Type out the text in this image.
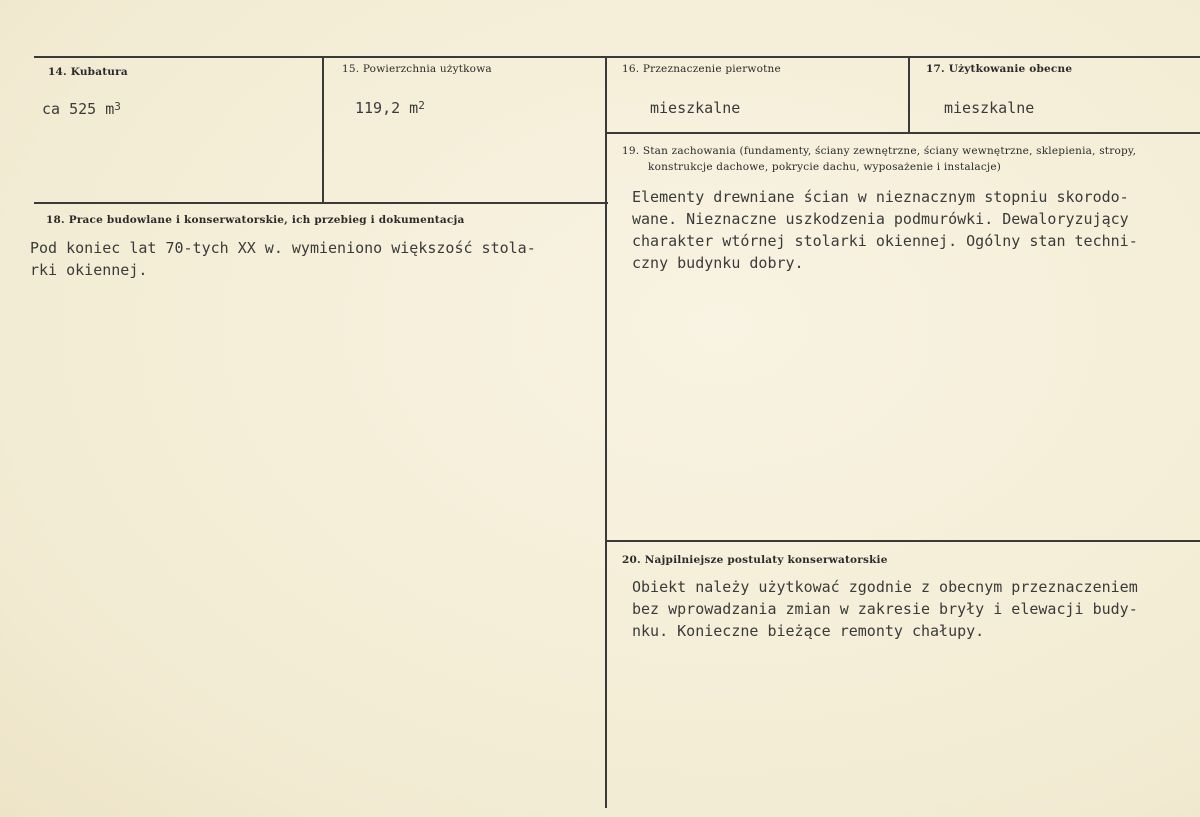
14. Kubatura
ca 525 $m^3$
15. Powierzchnia użytkowa
119,2 $m^2$
16. Przeznaczenie pierwotne
mieszkalne
17. Użytkowanie obecne
mieszkalne
18. Prace budowlane i konserwatorskie, ich przebieg i dokumentacja
Pod koniec lat 70-tych XX w. wymieniono większość stola-
rki okiennej.
19. Stan zachowania (fundamenty, ściany zewnętrzne, ściany wewnętrzne, sklepienia, stropy,
konstrukcje dachowe, pokrycie dachu, wyposażenie i instalacje)
Elementy drewniane ścian w nieznacznym stopniu skorodo-
wane. Nieznaczne uszkodzenia podmurówki. Dewaloryzujący
charakter wtórnej stolarki okiennej. Ogólny stan techni-
czny budynku dobry.
20. Najpilniejsze postulaty konserwatorskie
Obiekt należy użytkować zgodnie z obecnym przeznaczeniem
bez wprowadzania zmian w zakresie bryły i elewacji budy-
nku. Konieczne bieżące remonty chałupy.
